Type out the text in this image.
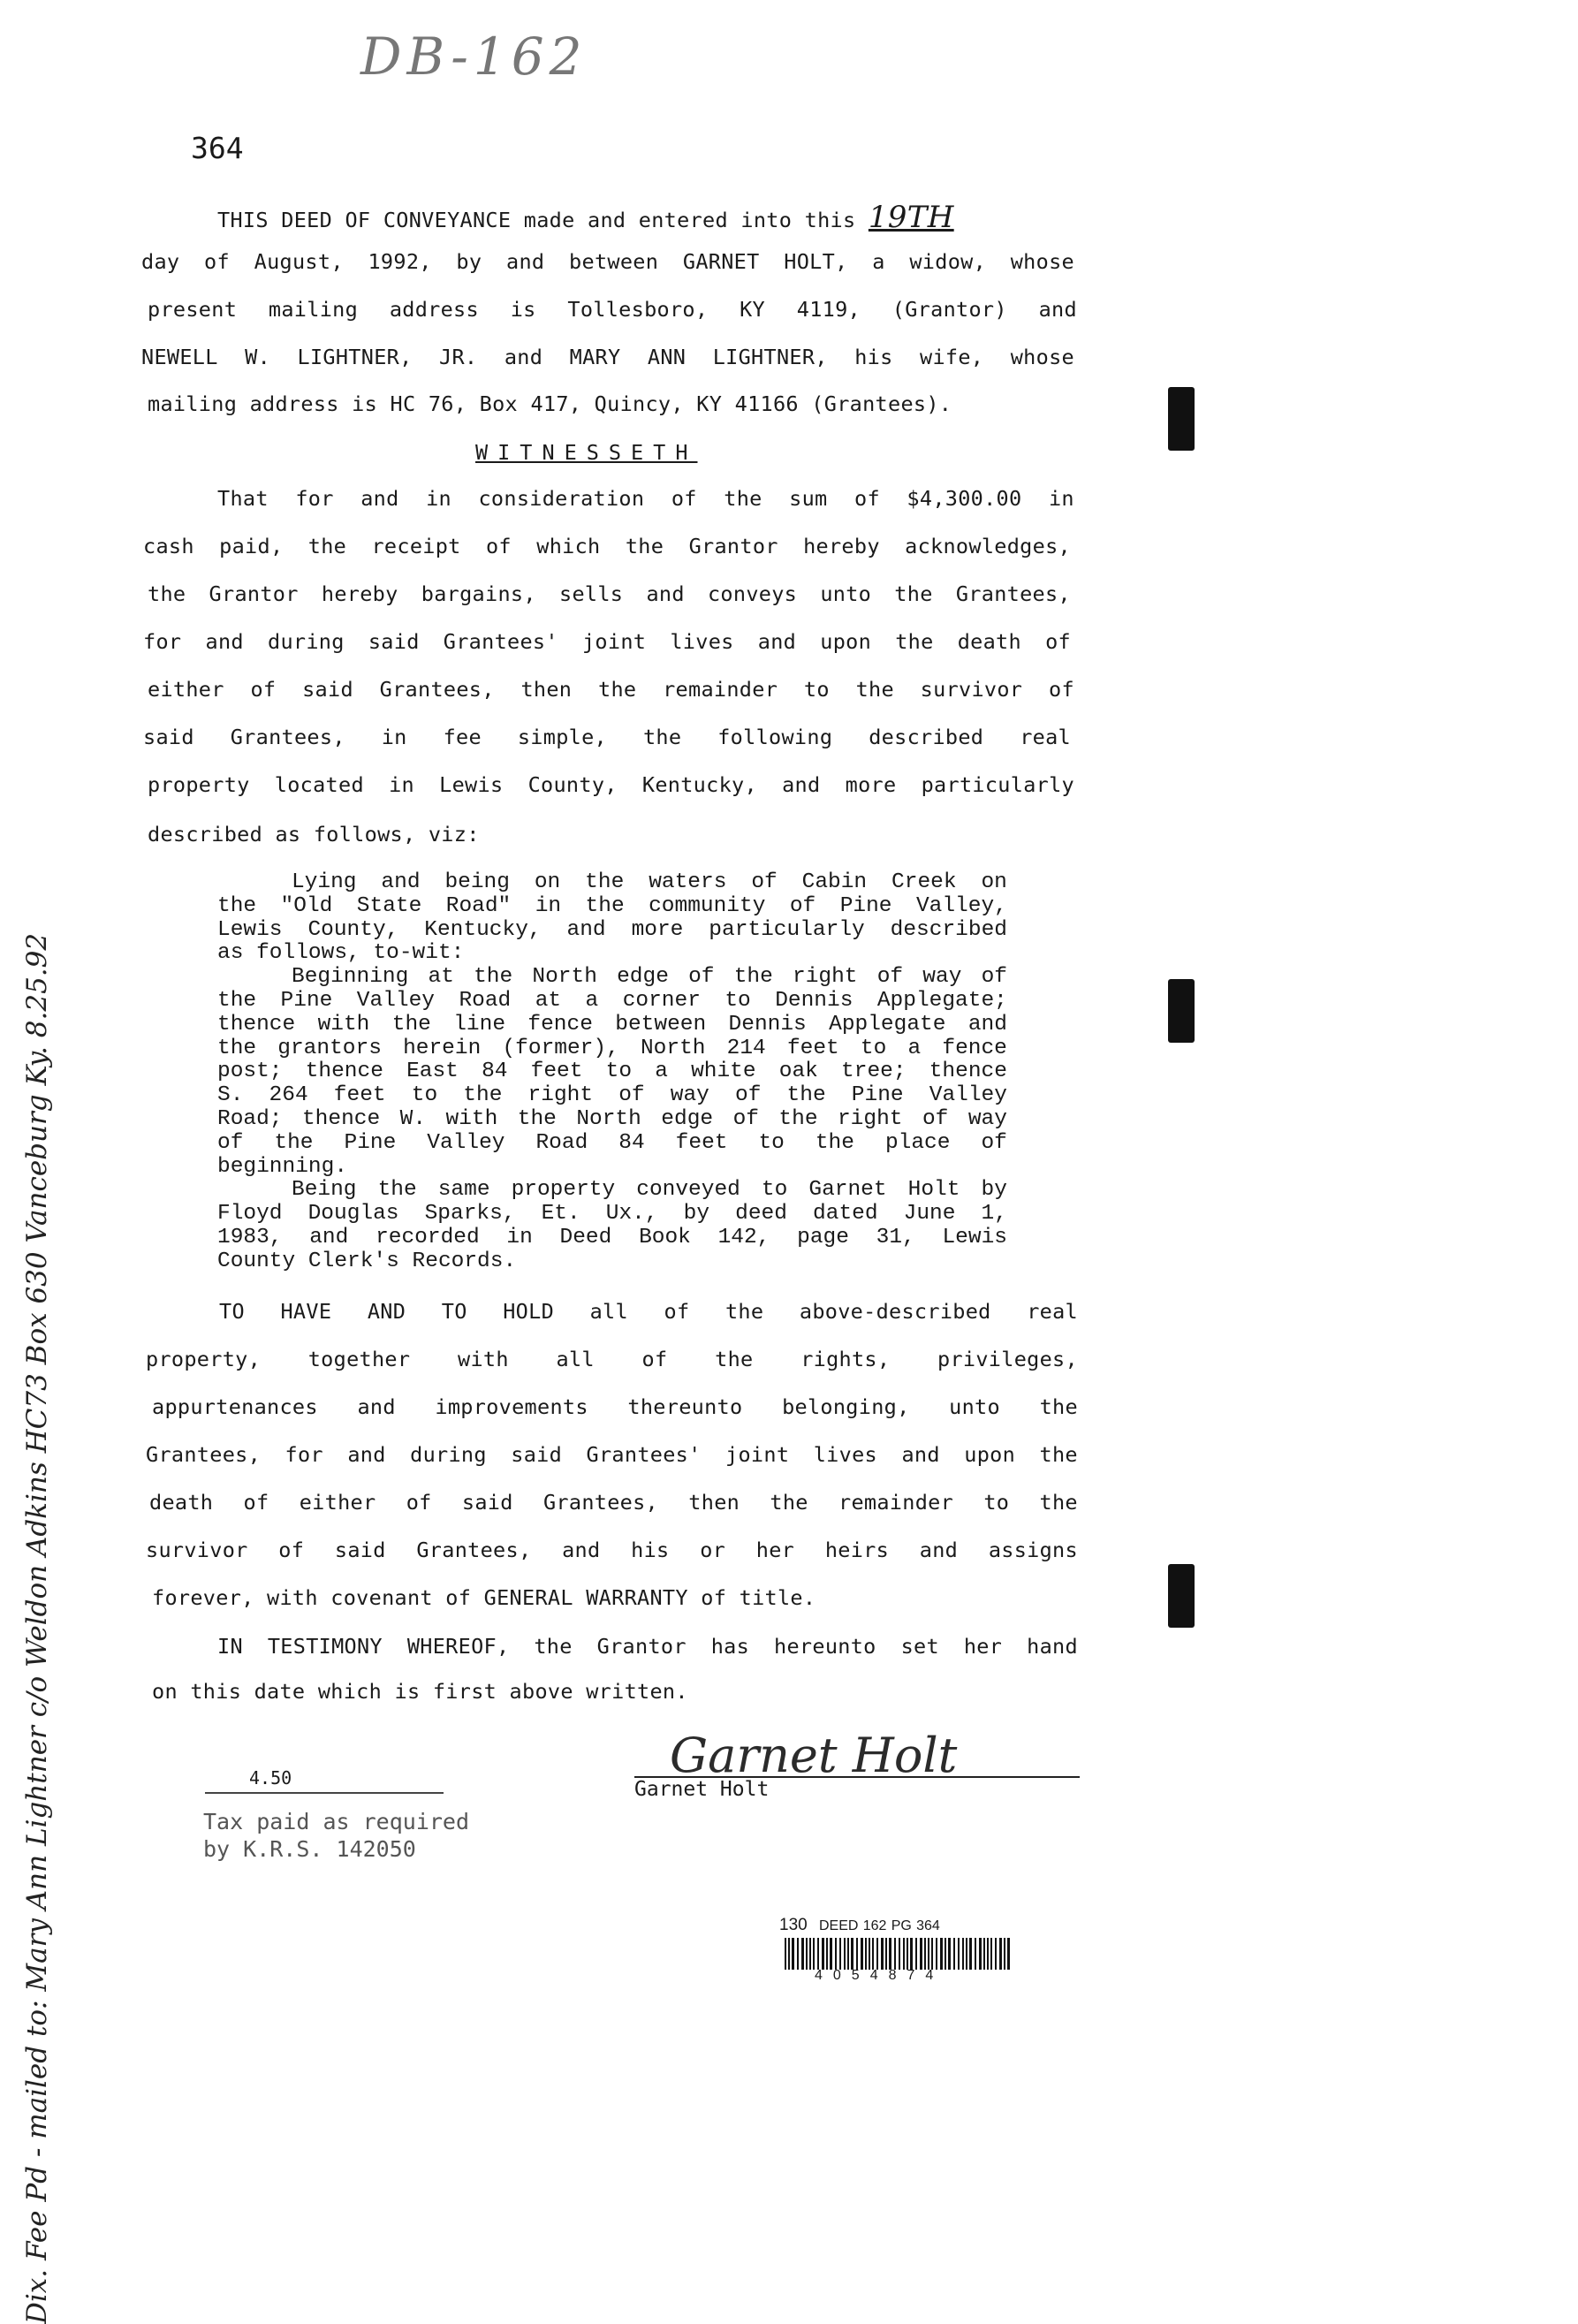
DB-162
364
Dix. Fee Pd - mailed to: Mary Ann Lightner c/o Weldon Adkins HC73 Box 630 Vanceburg Ky. 8.25.92
THIS DEED OF CONVEYANCE made and entered into this 19TH
day of August, 1992, by and between GARNET HOLT, a widow, whose
present mailing address is Tollesboro, KY 4119, (Grantor) and
NEWELL W. LIGHTNER, JR. and MARY ANN LIGHTNER, his wife, whose
mailing address is HC 76, Box 417, Quincy, KY 41166 (Grantees).
WITNESSETH
That for and in consideration of the sum of $4,300.00 in
cash paid, the receipt of which the Grantor hereby acknowledges,
the Grantor hereby bargains, sells and conveys unto the Grantees,
for and during said Grantees' joint lives and upon the death of
either of said Grantees, then the remainder to the survivor of
said Grantees, in fee simple, the following described real
property located in Lewis County, Kentucky, and more particularly
described as follows, viz:
Lying and being on the waters of Cabin Creek on
the "Old State Road" in the community of Pine Valley,
Lewis County, Kentucky, and more particularly described
as follows, to-wit:
Beginning at the North edge of the right of way of
the Pine Valley Road at a corner to Dennis Applegate;
thence with the line fence between Dennis Applegate and
the grantors herein (former), North 214 feet to a fence
post; thence East 84 feet to a white oak tree; thence
S. 264 feet to the right of way of the Pine Valley
Road; thence W. with the North edge of the right of way
of the Pine Valley Road 84 feet to the place of
beginning.
Being the same property conveyed to Garnet Holt by
Floyd Douglas Sparks, Et. Ux., by deed dated June 1,
1983, and recorded in Deed Book 142, page 31, Lewis
County Clerk's Records.
TO HAVE AND TO HOLD all of the above-described real
property, together with all of the rights, privileges,
appurtenances and improvements thereunto belonging, unto the
Grantees, for and during said Grantees' joint lives and upon the
death of either of said Grantees, then the remainder to the
survivor of said Grantees, and his or her heirs and assigns
forever, with covenant of GENERAL WARRANTY of title.
IN TESTIMONY WHEREOF, the Grantor has hereunto set her hand
on this date which is first above written.
Garnet Holt
Garnet Holt
4.50
Tax paid as required
by K.R.S. 142050
130 DEED 162 PG 364
4054874
